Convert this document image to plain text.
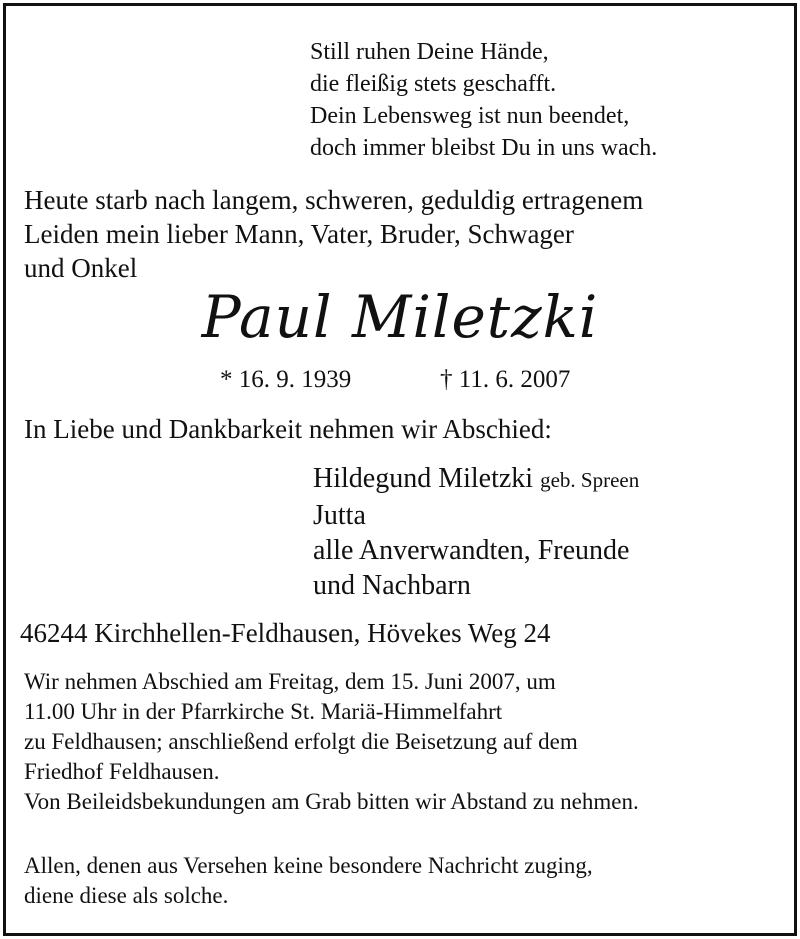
Still ruhen Deine Hände,
die fleißig stets geschafft.
Dein Lebensweg ist nun beendet,
doch immer bleibst Du in uns wach.
Heute starb nach langem, schweren, geduldig ertragenem
Leiden mein lieber Mann, Vater, Bruder, Schwager
und Onkel
Paul Miletzki
* 16. 9. 1939	† 11. 6. 2007
In Liebe und Dankbarkeit nehmen wir Abschied:
Hildegund Miletzki geb. Spreen
Jutta
alle Anverwandten, Freunde
und Nachbarn
46244 Kirchhellen-Feldhausen, Hövekes Weg 24
Wir nehmen Abschied am Freitag, dem 15. Juni 2007, um
11.00 Uhr in der Pfarrkirche St. Mariä-Himmelfahrt
zu Feldhausen; anschließend erfolgt die Beisetzung auf dem
Friedhof Feldhausen.
Von Beileidsbekundungen am Grab bitten wir Abstand zu nehmen.
Allen, denen aus Versehen keine besondere Nachricht zuging,
diene diese als solche.
